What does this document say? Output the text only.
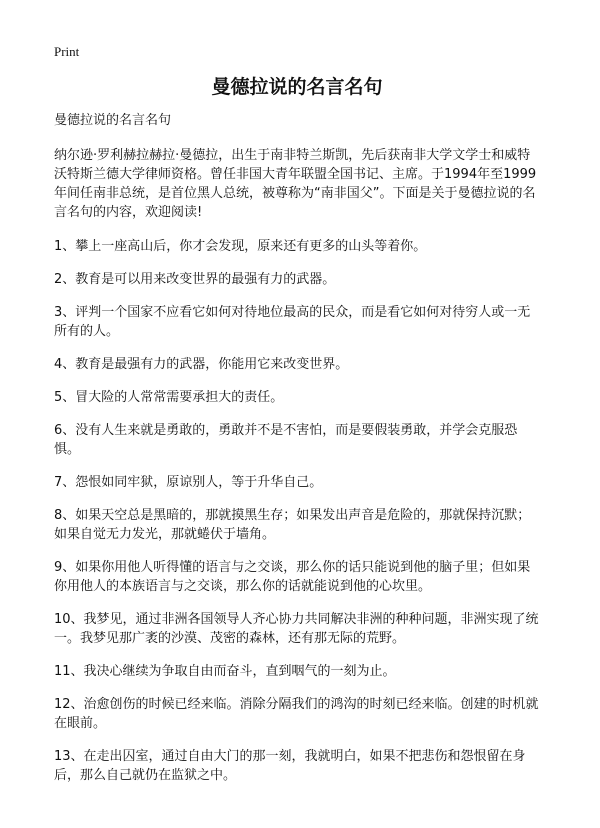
Print
曼德拉说的名言名句
曼德拉说的名言名句
纳尔逊·罗利赫拉赫拉·曼德拉，出生于南非特兰斯凯，先后获南非大学文学士和威特沃特斯兰德大学律师资格。曾任非国大青年联盟全国书记、主席。于1994年至1999年间任南非总统，是首位黑人总统，被尊称为“南非国父”。下面是关于曼德拉说的名言名句的内容，欢迎阅读!
1、攀上一座高山后，你才会发现，原来还有更多的山头等着你。
2、教育是可以用来改变世界的最强有力的武器。
3、评判一个国家不应看它如何对待地位最高的民众，而是看它如何对待穷人或一无所有的人。
4、教育是最强有力的武器，你能用它来改变世界。
5、冒大险的人常常需要承担大的责任。
6、没有人生来就是勇敢的，勇敢并不是不害怕，而是要假装勇敢，并学会克服恐惧。
7、怨恨如同牢狱，原谅别人，等于升华自己。
8、如果天空总是黑暗的，那就摸黑生存；如果发出声音是危险的，那就保持沉默；如果自觉无力发光，那就蜷伏于墙角。
9、如果你用他人听得懂的语言与之交谈，那么你的话只能说到他的脑子里；但如果你用他人的本族语言与之交谈，那么你的话就能说到他的心坎里。
10、我梦见，通过非洲各国领导人齐心协力共同解决非洲的种种问题，非洲实现了统一。我梦见那广袤的沙漠、茂密的森林，还有那无际的荒野。
11、我决心继续为争取自由而奋斗，直到咽气的一刻为止。
12、治愈创伤的时候已经来临。消除分隔我们的鸿沟的时刻已经来临。创建的时机就在眼前。
13、在走出囚室，通过自由大门的那一刻，我就明白，如果不把悲伤和怨恨留在身后，那么自己就仍在监狱之中。
